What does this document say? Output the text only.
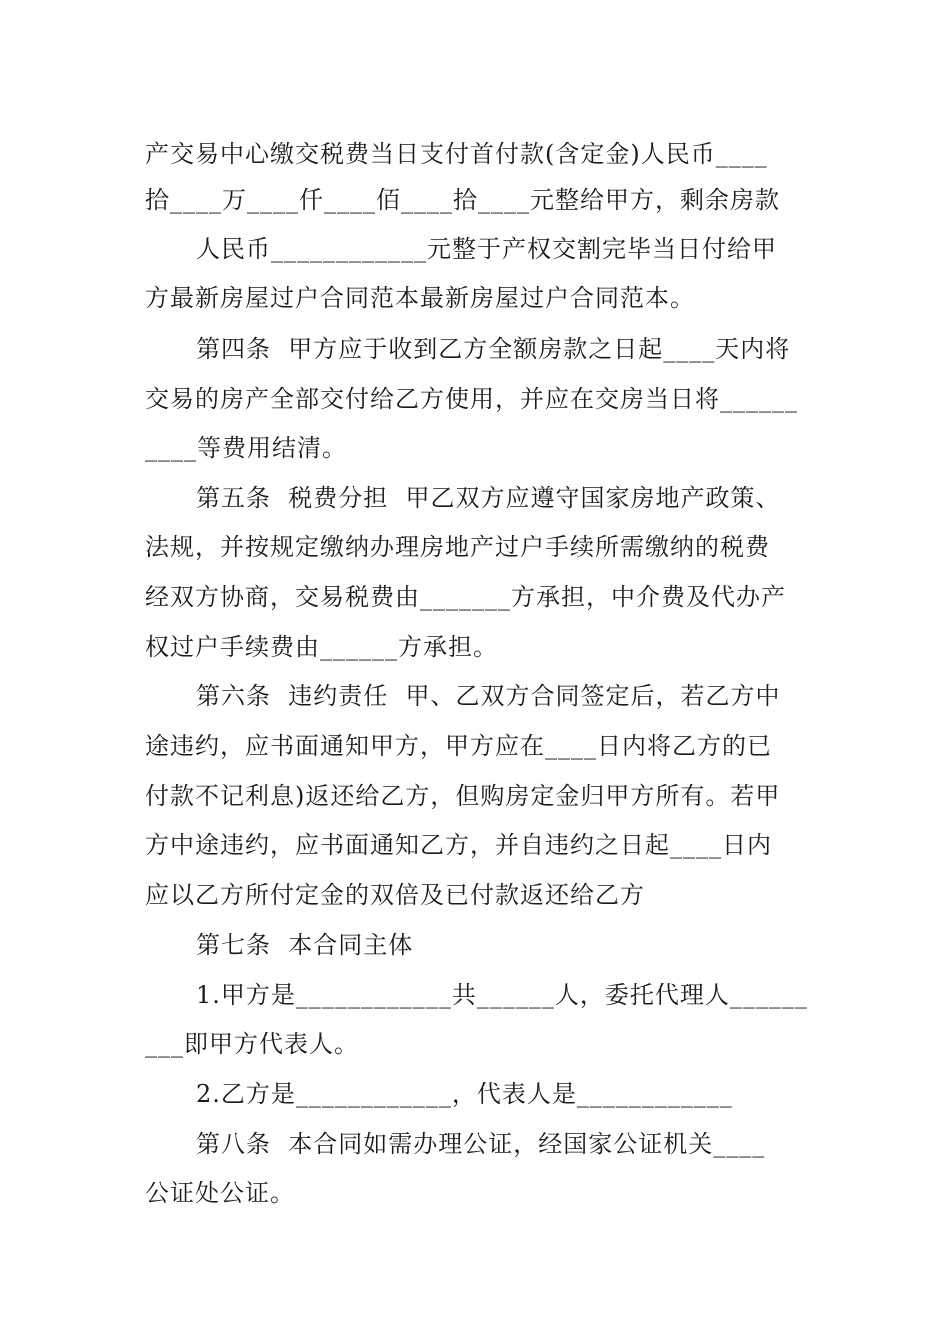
产交易中心缴交税费当日支付首付款(含定金)人民币____
拾____万____仟____佰____拾____元整给甲方，剩余房款
人民币____________元整于产权交割完毕当日付给甲
方最新房屋过户合同范本最新房屋过户合同范本。
第四条  甲方应于收到乙方全额房款之日起____天内将
交易的房产全部交付给乙方使用，并应在交房当日将______
____等费用结清。
第五条  税费分担  甲乙双方应遵守国家房地产政策、
法规，并按规定缴纳办理房地产过户手续所需缴纳的税费
经双方协商，交易税费由_______方承担，中介费及代办产
权过户手续费由______方承担。
第六条  违约责任  甲、乙双方合同签定后，若乙方中
途违约，应书面通知甲方，甲方应在____日内将乙方的已
付款不记利息)返还给乙方，但购房定金归甲方所有。若甲
方中途违约，应书面通知乙方，并自违约之日起____日内
应以乙方所付定金的双倍及已付款返还给乙方
第七条  本合同主体
1.甲方是____________共______人，委托代理人______
___即甲方代表人。
2.乙方是____________，代表人是____________
第八条  本合同如需办理公证，经国家公证机关____
公证处公证。
